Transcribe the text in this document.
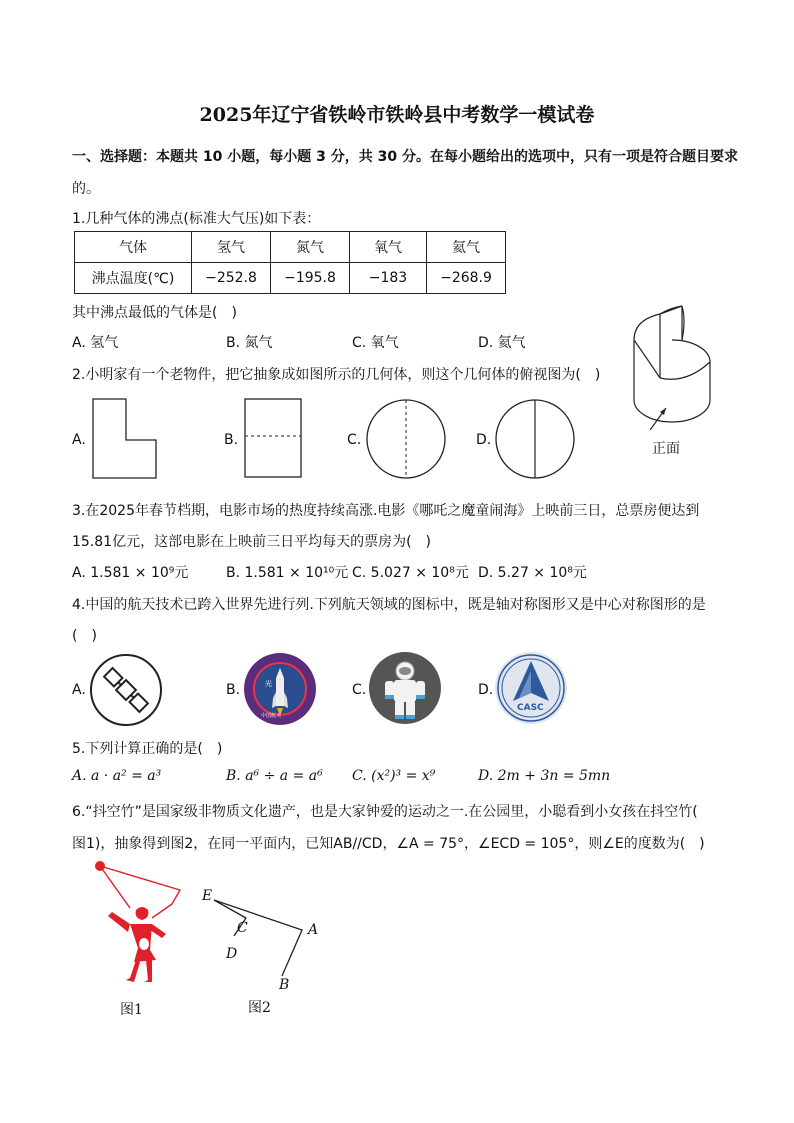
2025年辽宁省铁岭市铁岭县中考数学一模试卷
一、选择题：本题共 10 小题，每小题 3 分，共 30 分。在每小题给出的选项中，只有一项是符合题目要求
的。
1.几种气体的沸点(标准大气压)如下表：
气体	氢气	氮气	氧气	氦气
沸点温度(℃)	−252.8	−195.8	−183	−268.9
其中沸点最低的气体是(　)
A. 氢气	B. 氮气	C. 氧气	D. 氦气
正面
2.小明家有一个老物件，把它抽象成如图所示的几何体，则这个几何体的俯视图为(　)
A.	B.	C.	D.
3.在2025年春节档期，电影市场的热度持续高涨.电影《哪吒之魔童闹海》上映前三日，总票房便达到
15.81亿元，这部电影在上映前三日平均每天的票房为(　)
A. 1.581 × 10⁹元	B. 1.581 × 10¹⁰元 C. 5.027 × 10⁸元 D. 5.27 × 10⁸元
4.中国的航天技术已跨入世界先进行列.下列航天领域的图标中，既是轴对称图形又是中心对称图形的是
(　)
A.	B.	光
中国航天
C.	D.
CASC
5.下列计算正确的是(　)
A. a · a² = a³	B. a⁶ ÷ a = a⁶ C. (x²)³ = x⁹	D. 2m + 3n = 5mn
6.“抖空竹”是国家级非物质文化遗产，也是大家钟爱的运动之一.在公园里，小聪看到小女孩在抖空竹(
图1)，抽象得到图2，在同一平面内，已知AB//CD，∠A = 75°，∠ECD = 105°，则∠E的度数为(　)
图1
E
C
D
A
B
图2
